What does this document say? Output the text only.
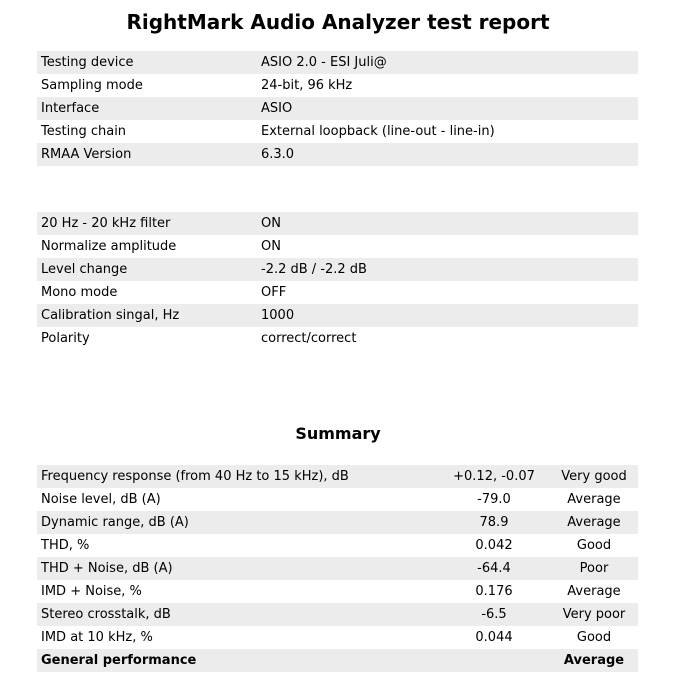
RightMark Audio Analyzer test report
Testing device	ASIO 2.0 - ESI Juli@
Sampling mode	24-bit, 96 kHz
Interface	ASIO
Testing chain	External loopback (line-out - line-in)
RMAA Version	6.3.0
20 Hz - 20 kHz filter	ON
Normalize amplitude	ON
Level change	-2.2 dB / -2.2 dB
Mono mode	OFF
Calibration singal, Hz	1000
Polarity	correct/correct
Summary
Frequency response (from 40 Hz to 15 kHz), dB	+0.12, -0.07	Very good
Noise level, dB (A)	-79.0	Average
Dynamic range, dB (A)	78.9	Average
THD, %	0.042	Good
THD + Noise, dB (A)	-64.4	Poor
IMD + Noise, %	0.176	Average
Stereo crosstalk, dB	-6.5	Very poor
IMD at 10 kHz, %	0.044	Good
General performance		Average
